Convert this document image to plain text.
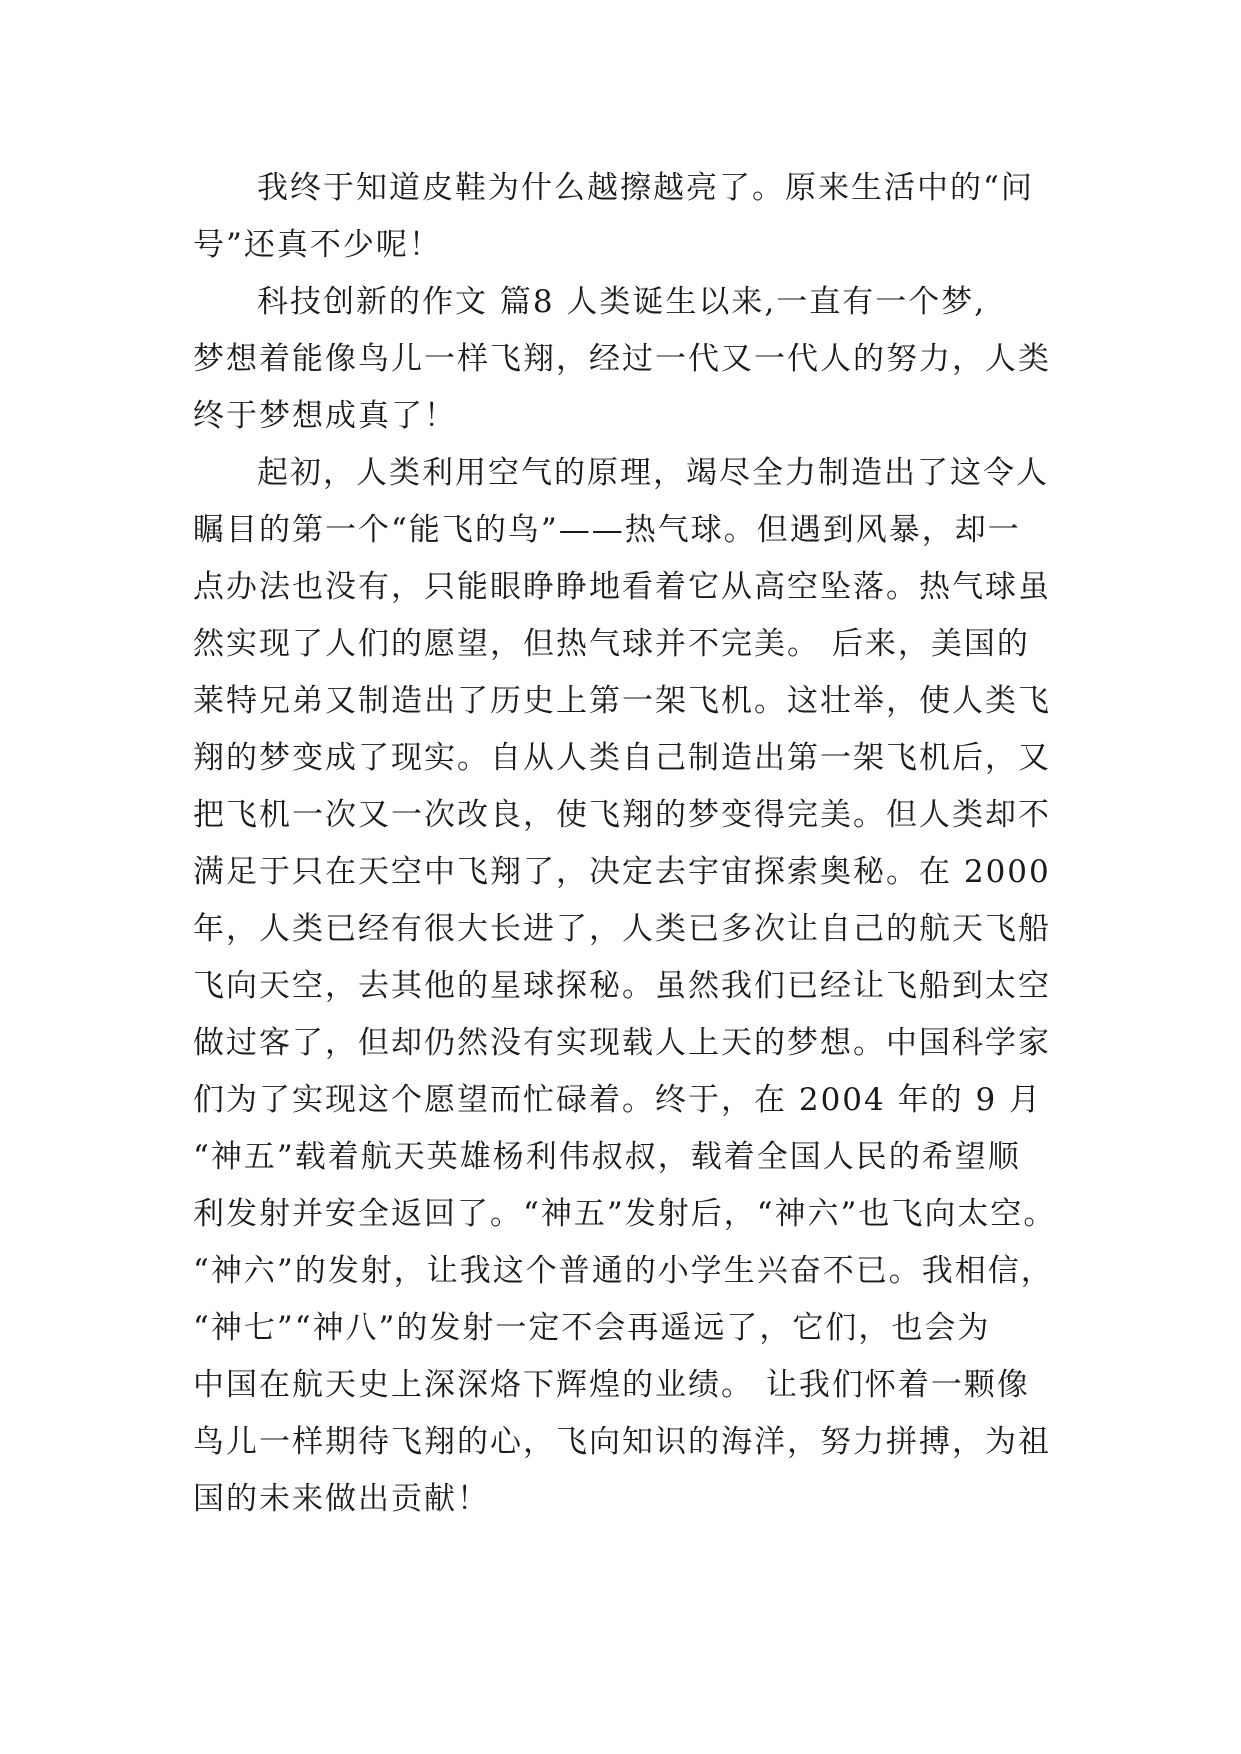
我终于知道皮鞋为什么越擦越亮了。原来生活中的“问
号”还真不少呢！
科技创新的作文 篇8 人类诞生以来,一直有一个梦,
梦想着能像鸟儿一样飞翔，经过一代又一代人的努力，人类
终于梦想成真了！
起初，人类利用空气的原理，竭尽全力制造出了这令人
瞩目的第一个“能飞的鸟”——热气球。但遇到风暴，却一
点办法也没有，只能眼睁睁地看着它从高空坠落。热气球虽
然实现了人们的愿望，但热气球并不完美。 后来，美国的
莱特兄弟又制造出了历史上第一架飞机。这壮举，使人类飞
翔的梦变成了现实。自从人类自己制造出第一架飞机后，又
把飞机一次又一次改良，使飞翔的梦变得完美。但人类却不
满足于只在天空中飞翔了，决定去宇宙探索奥秘。在 2000
年，人类已经有很大长进了，人类已多次让自己的航天飞船
飞向天空，去其他的星球探秘。虽然我们已经让飞船到太空
做过客了，但却仍然没有实现载人上天的梦想。中国科学家
们为了实现这个愿望而忙碌着。终于，在 2004 年的 9 月
“神五”载着航天英雄杨利伟叔叔，载着全国人民的希望顺
利发射并安全返回了。“神五”发射后，“神六”也飞向太空。
“神六”的发射，让我这个普通的小学生兴奋不已。我相信，
“神七”“神八”的发射一定不会再遥远了，它们，也会为
中国在航天史上深深烙下辉煌的业绩。 让我们怀着一颗像
鸟儿一样期待飞翔的心，飞向知识的海洋，努力拼搏，为祖
国的未来做出贡献！
